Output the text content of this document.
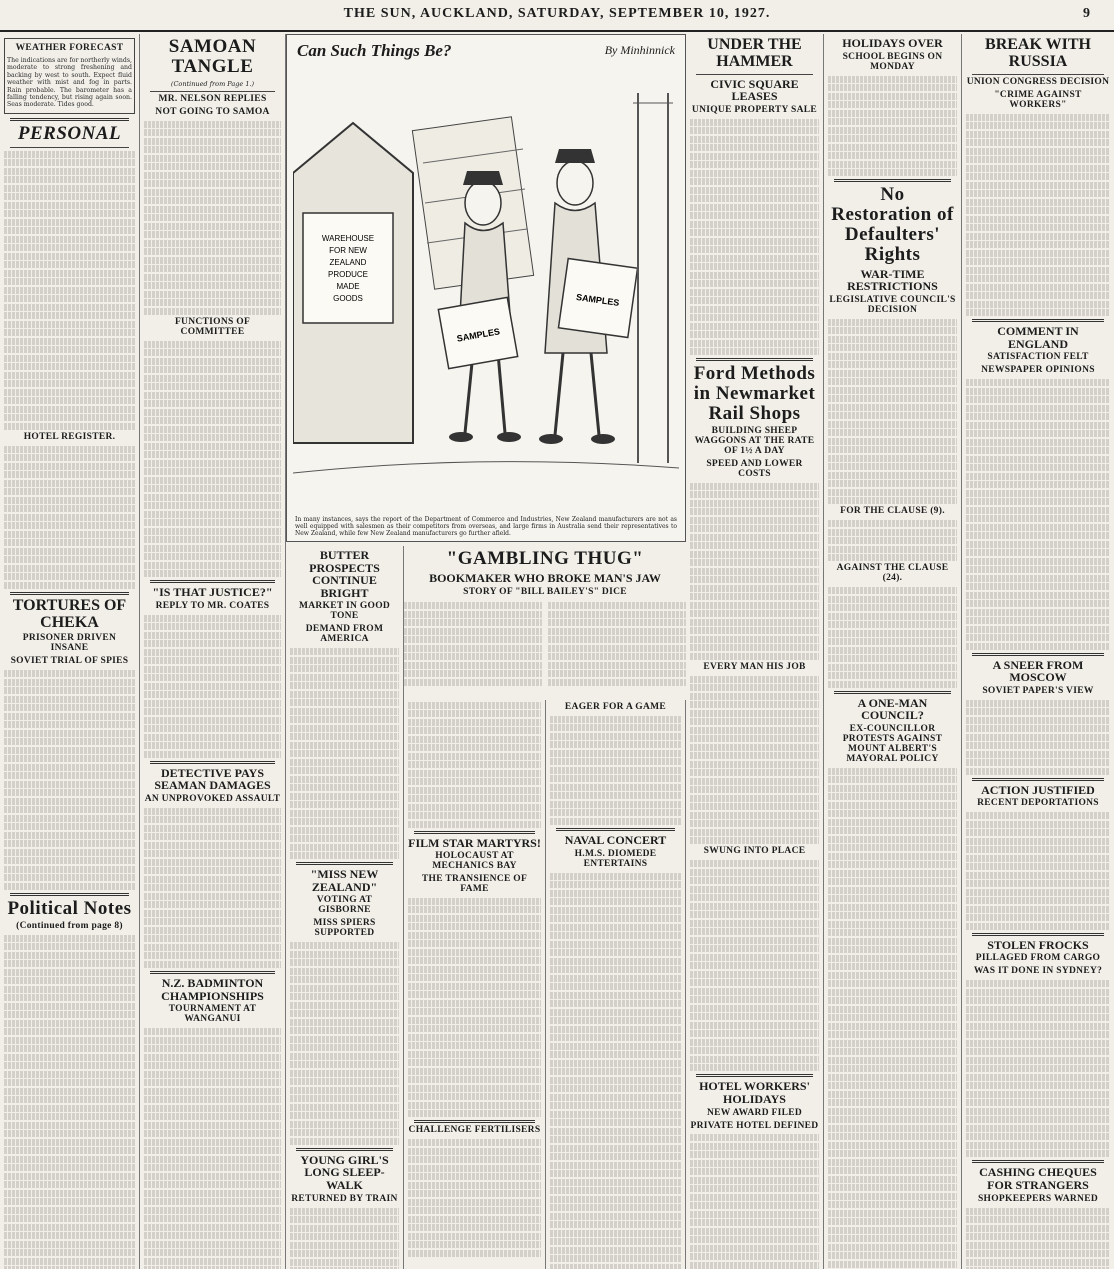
THE SUN, AUCKLAND, SATURDAY, SEPTEMBER 10, 1927.	9
WEATHER FORECAST
The indications are for northerly winds, moderate to strong freshening and backing by west to south. Expect fluid weather with mist and fog in parts. Rain probable. The barometer has a falling tendency, but rising again soon. Seas moderate. Tides good.
PERSONAL
HOTEL REGISTER.
TORTURES OF CHEKA
PRISONER DRIVEN INSANE
SOVIET TRIAL OF SPIES
Political Notes
(Continued from page 8)
SAMOAN TANGLE
(Continued from Page 1.)
MR. NELSON REPLIES
NOT GOING TO SAMOA
FUNCTIONS OF COMMITTEE
"IS THAT JUSTICE?"
REPLY TO MR. COATES
DETECTIVE PAYS SEAMAN DAMAGES
AN UNPROVOKED ASSAULT
N.Z. BADMINTON CHAMPIONSHIPS
TOURNAMENT AT WANGANUI
Can Such Things Be?	By Minhinnick
WAREHOUSE FOR NEW ZEALAND PRODUCE MADE GOODS
SAMPLES
SAMPLES
In many instances, says the report of the Department of Commerce and Industries, New Zealand manufacturers are not as well equipped with salesmen as their competitors from overseas, and large firms in Australia send their representatives to New Zealand, while few New Zealand manufacturers go further afield.
BUTTER PROSPECTS CONTINUE BRIGHT
MARKET IN GOOD TONE
DEMAND FROM AMERICA
"MISS NEW ZEALAND"
VOTING AT GISBORNE
MISS SPIERS SUPPORTED
YOUNG GIRL'S LONG SLEEP-WALK
RETURNED BY TRAIN
"GAMBLING THUG"
BOOKMAKER WHO BROKE MAN'S JAW
STORY OF "BILL BAILEY'S" DICE
FILM STAR MARTYRS!
HOLOCAUST AT MECHANICS BAY
THE TRANSIENCE OF FAME
CHALLENGE FERTILISERS
EAGER FOR A GAME
NAVAL CONCERT
H.M.S. DIOMEDE ENTERTAINS
UNDER THE HAMMER
CIVIC SQUARE LEASES
UNIQUE PROPERTY SALE
Ford Methods in Newmarket Rail Shops
BUILDING SHEEP WAGGONS AT THE RATE OF 1½ A DAY
SPEED AND LOWER COSTS
EVERY MAN HIS JOB
SWUNG INTO PLACE
HOTEL WORKERS' HOLIDAYS
NEW AWARD FILED
PRIVATE HOTEL DEFINED
HOLIDAYS OVER
SCHOOL BEGINS ON MONDAY
No Restoration of Defaulters' Rights
WAR-TIME RESTRICTIONS
LEGISLATIVE COUNCIL'S DECISION
FOR THE CLAUSE (9).
AGAINST THE CLAUSE (24).
A ONE-MAN COUNCIL?
EX-COUNCILLOR PROTESTS AGAINST MOUNT ALBERT'S MAYORAL POLICY
BREAK WITH RUSSIA
UNION CONGRESS DECISION
"CRIME AGAINST WORKERS"
COMMENT IN ENGLAND
SATISFACTION FELT
NEWSPAPER OPINIONS
A SNEER FROM MOSCOW
SOVIET PAPER'S VIEW
ACTION JUSTIFIED
RECENT DEPORTATIONS
STOLEN FROCKS
PILLAGED FROM CARGO
WAS IT DONE IN SYDNEY?
CASHING CHEQUES FOR STRANGERS
SHOPKEEPERS WARNED
